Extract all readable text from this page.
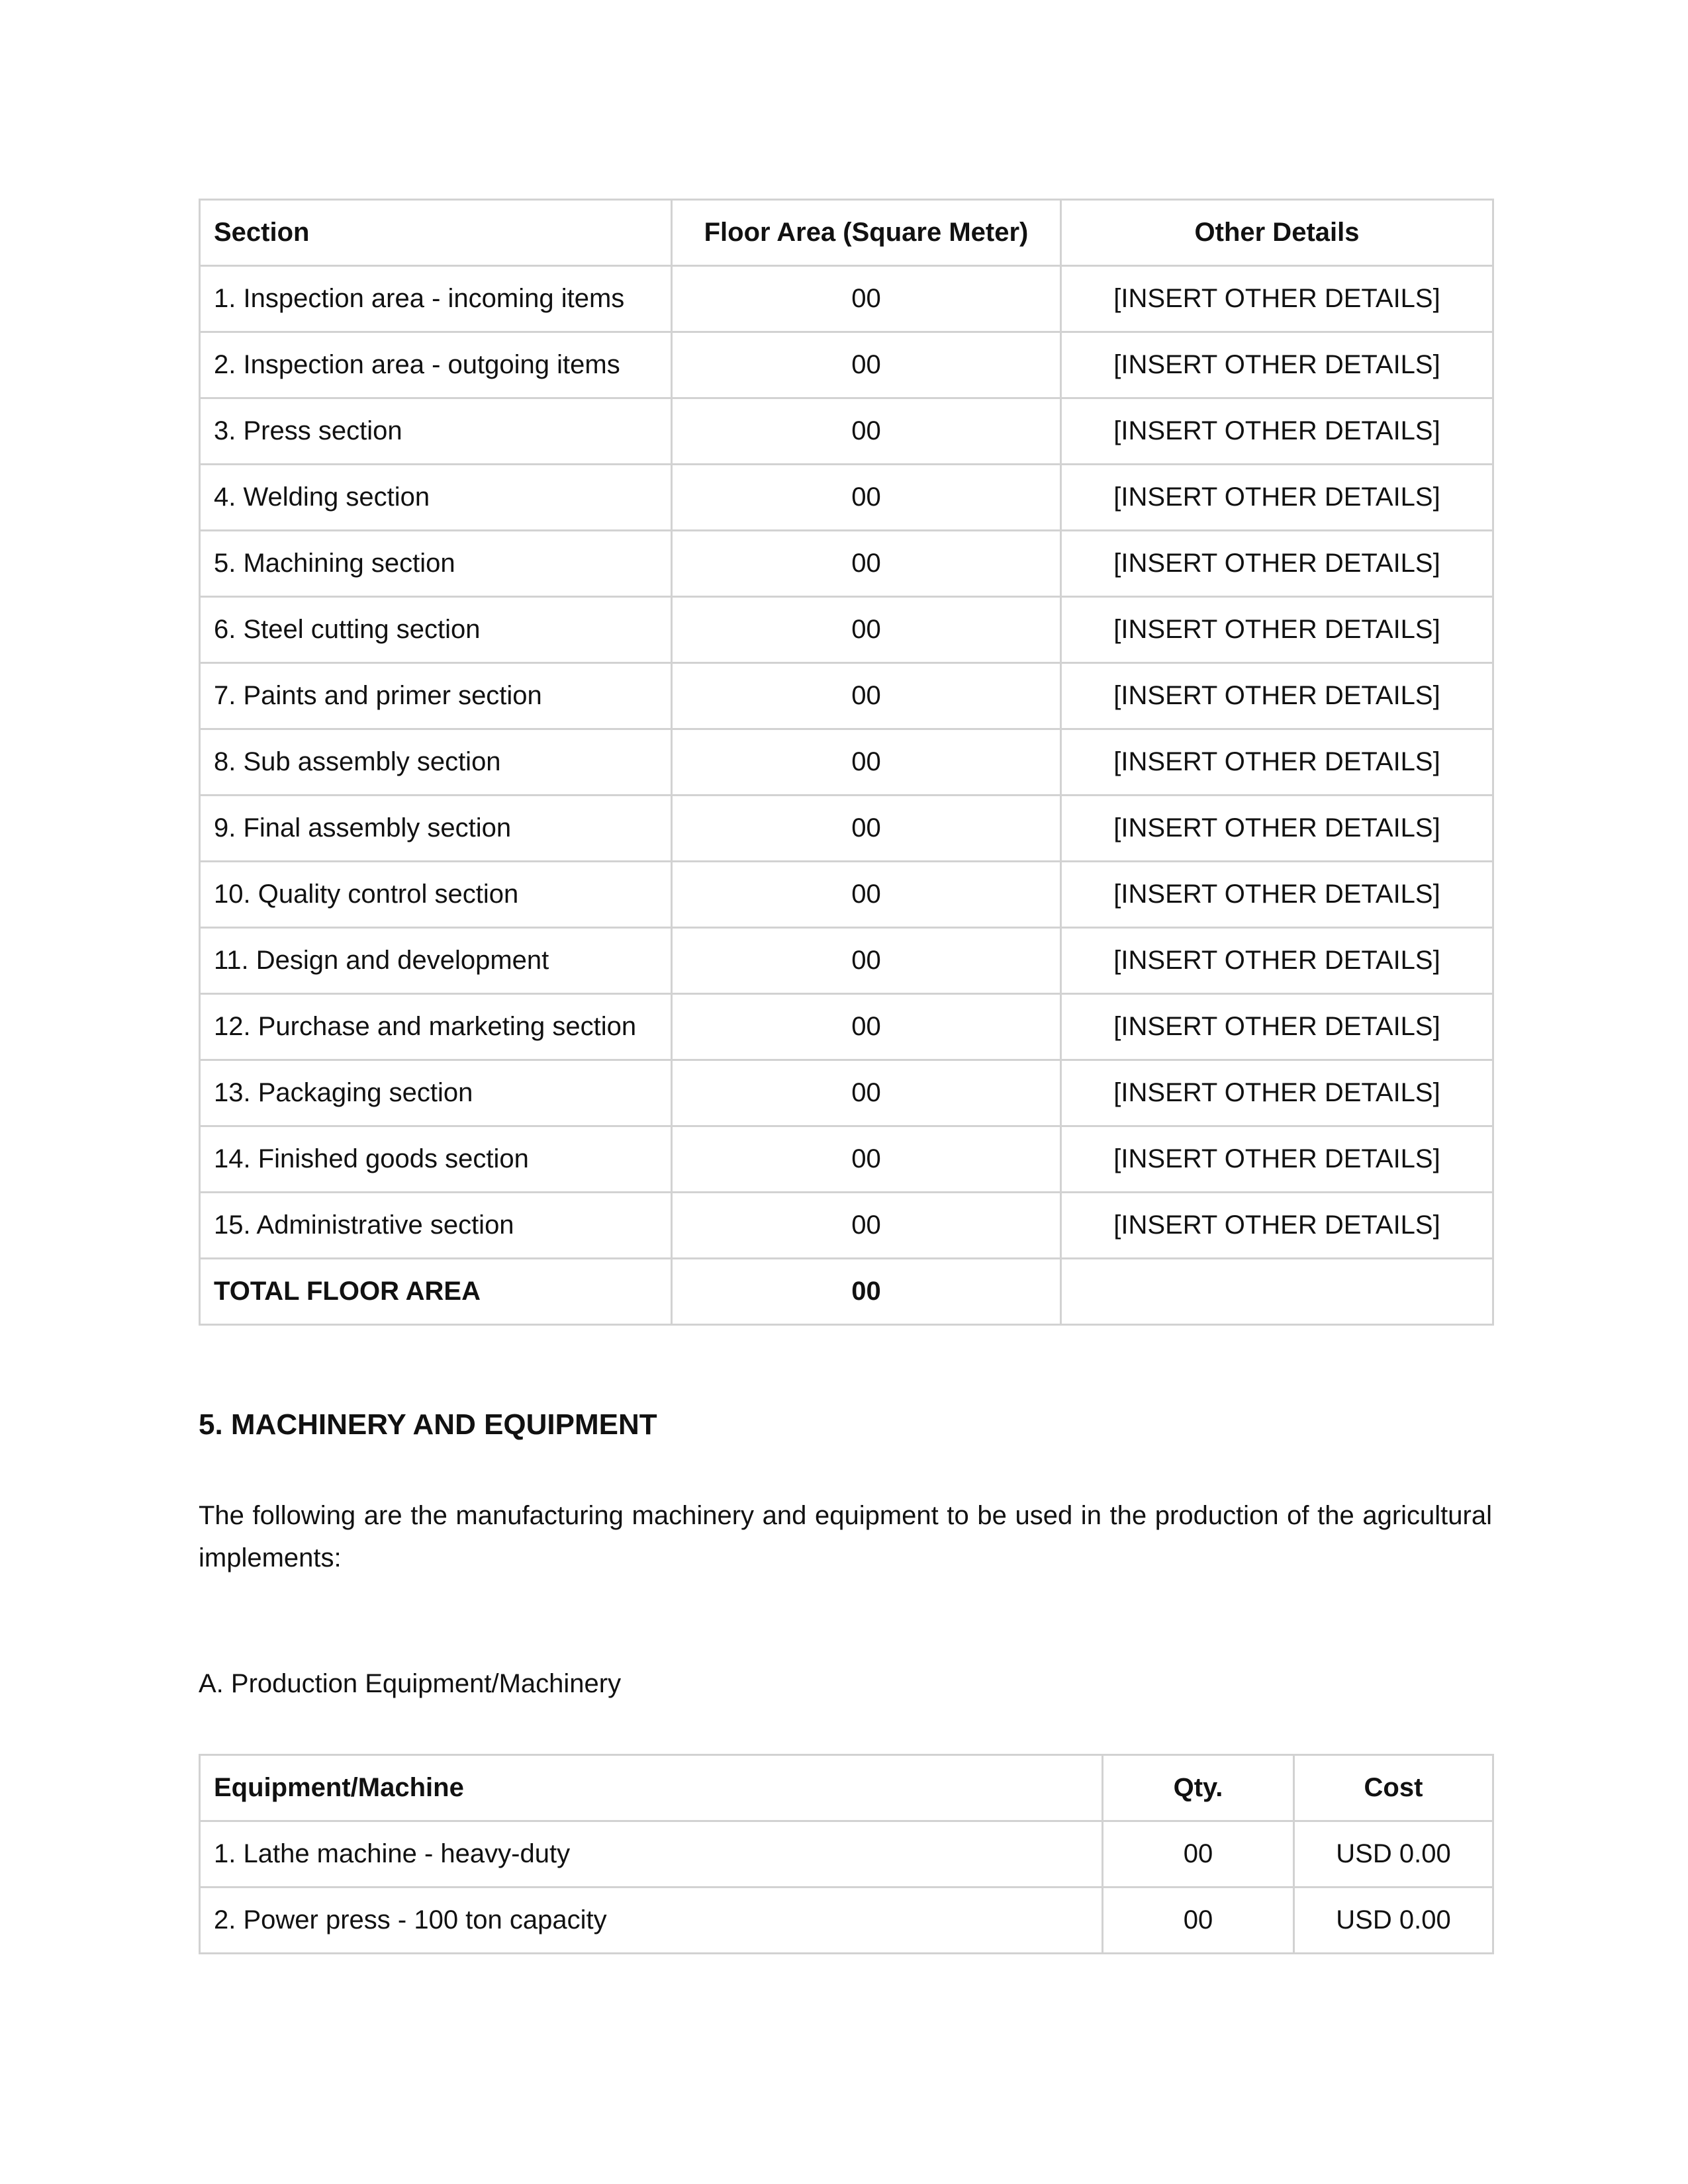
Section	Floor Area (Square Meter)	Other Details
1. Inspection area - incoming items	00	[INSERT OTHER DETAILS]
2. Inspection area - outgoing items	00	[INSERT OTHER DETAILS]
3. Press section	00	[INSERT OTHER DETAILS]
4. Welding section	00	[INSERT OTHER DETAILS]
5. Machining section	00	[INSERT OTHER DETAILS]
6. Steel cutting section	00	[INSERT OTHER DETAILS]
7. Paints and primer section	00	[INSERT OTHER DETAILS]
8. Sub assembly section	00	[INSERT OTHER DETAILS]
9. Final assembly section	00	[INSERT OTHER DETAILS]
10. Quality control section	00	[INSERT OTHER DETAILS]
11. Design and development	00	[INSERT OTHER DETAILS]
12. Purchase and marketing section	00	[INSERT OTHER DETAILS]
13. Packaging section	00	[INSERT OTHER DETAILS]
14. Finished goods section	00	[INSERT OTHER DETAILS]
15. Administrative section	00	[INSERT OTHER DETAILS]
TOTAL FLOOR AREA	00	
5. MACHINERY AND EQUIPMENT

The following are the manufacturing machinery and equipment to be used in the production of the agricultural implements:

A. Production Equipment/Machinery

Equipment/Machine	Qty.	Cost
1. Lathe machine - heavy-duty	00	USD 0.00
2. Power press - 100 ton capacity	00	USD 0.00
